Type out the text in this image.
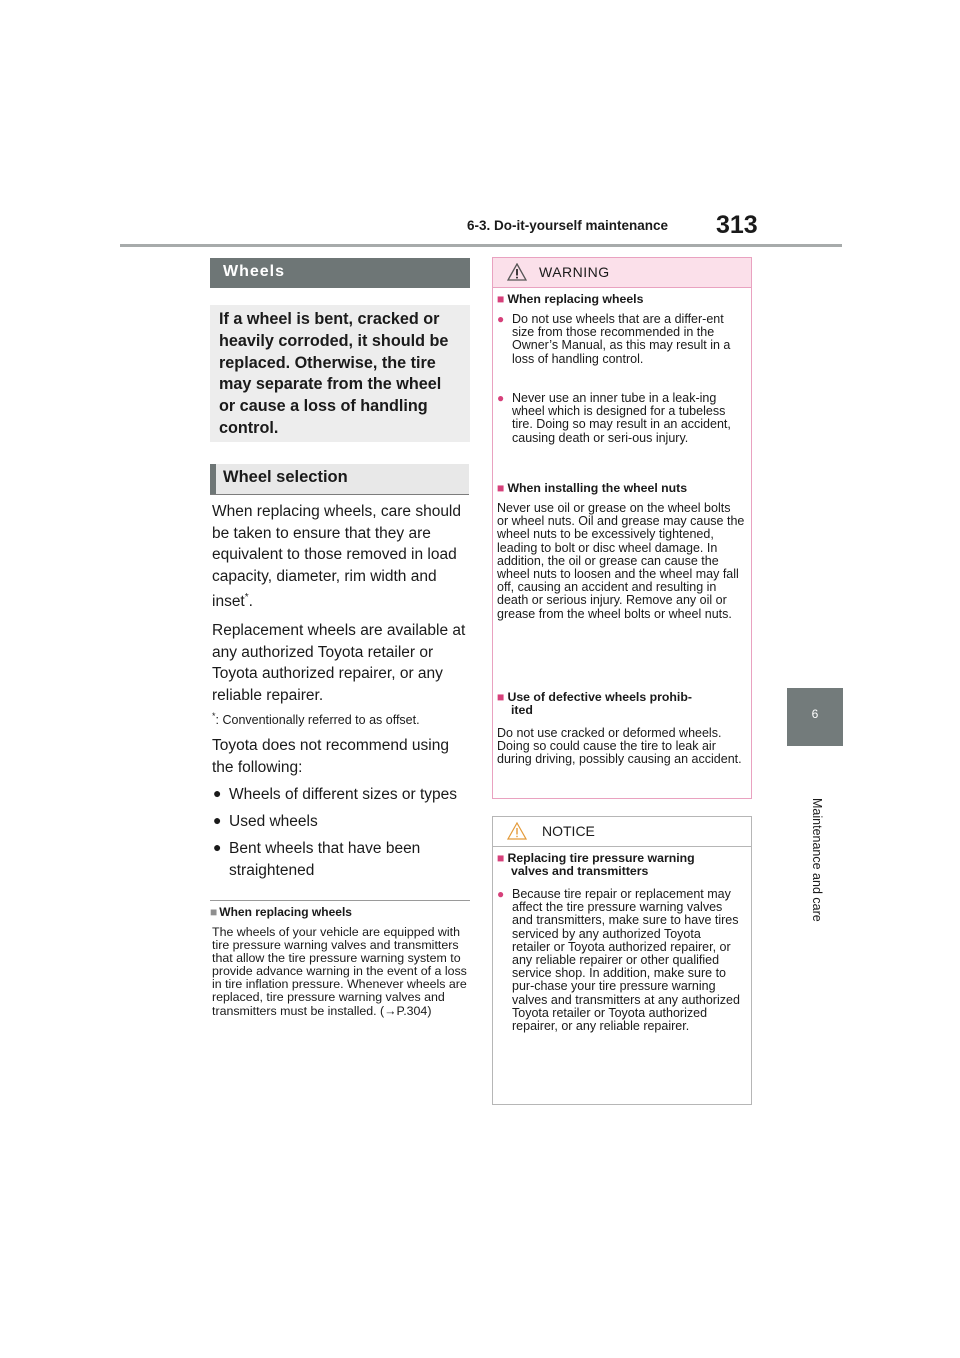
6-3. Do-it-yourself maintenance 313
6
Maintenance and care
Wheels
If a wheel is bent, cracked or heavily corroded, it should be replaced. Otherwise, the tire may separate from the wheel or cause a loss of handling control.
Wheel selection
When replacing wheels, care should be taken to ensure that they are equivalent to those removed in load capacity, diameter, rim width and inset*.
Replacement wheels are available at any authorized Toyota retailer or Toyota authorized repairer, or any reliable repairer.
*: Conventionally referred to as offset.
Toyota does not recommend using the following:
● Wheels of different sizes or types
● Used wheels
● Bent wheels that have been straightened
■ When replacing wheels
The wheels of your vehicle are equipped with tire pressure warning valves and transmitters that allow the tire pressure warning system to provide advance warning in the event of a loss in tire inflation pressure. Whenever wheels are replaced, tire pressure warning valves and transmitters must be installed. (→P.304)
WARNING
■ When replacing wheels
● Do not use wheels that are a differ-ent size from those recommended in the Owner’s Manual, as this may result in a loss of handling control.
● Never use an inner tube in a leak-ing wheel which is designed for a tubeless tire. Doing so may result in an accident, causing death or seri-ous injury.
■ When installing the wheel nuts
Never use oil or grease on the wheel bolts or wheel nuts. Oil and grease may cause the wheel nuts to be excessively tightened, leading to bolt or disc wheel damage. In addition, the oil or grease can cause the wheel nuts to loosen and the wheel may fall off, causing an accident and resulting in death or serious injury. Remove any oil or grease from the wheel bolts or wheel nuts.
■ Use of defective wheels prohib-
ited
Do not use cracked or deformed wheels. Doing so could cause the tire to leak air during driving, possibly causing an accident.
NOTICE
■ Replacing tire pressure warning
valves and transmitters
● Because tire repair or replacement may affect the tire pressure warning valves and transmitters, make sure to have tires serviced by any authorized Toyota retailer or Toyota authorized repairer, or any reliable repairer or other qualified service shop. In addition, make sure to pur-chase your tire pressure warning valves and transmitters at any authorized Toyota retailer or Toyota authorized repairer, or any reliable repairer.
